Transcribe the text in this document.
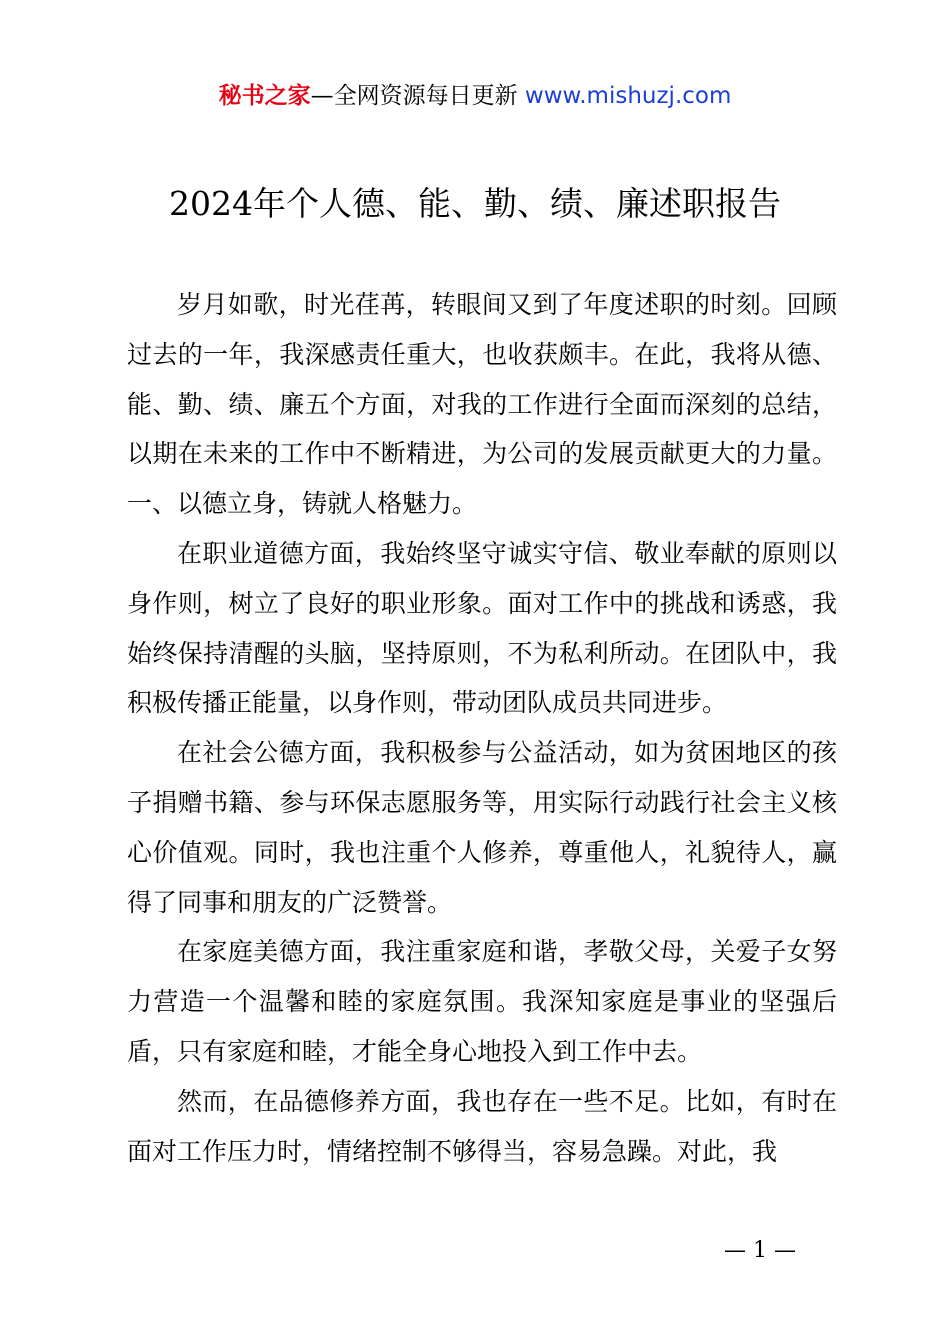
秘书之家—全网资源每日更新 www.mishuzj.com
2024年个人德、能、勤、绩、廉述职报告

岁月如歌，时光荏苒，转眼间又到了年度述职的时刻。回顾过去的一年，我深感责任重大，也收获颇丰。在此，我将从德、能、勤、绩、廉五个方面，对我的工作进行全面而深刻的总结，以期在未来的工作中不断精进，为公司的发展贡献更大的力量。一、以德立身，铸就人格魅力。

在职业道德方面，我始终坚守诚实守信、敬业奉献的原则以身作则，树立了良好的职业形象。面对工作中的挑战和诱惑，我始终保持清醒的头脑，坚持原则，不为私利所动。在团队中，我积极传播正能量，以身作则，带动团队成员共同进步。

在社会公德方面，我积极参与公益活动，如为贫困地区的孩子捐赠书籍、参与环保志愿服务等，用实际行动践行社会主义核心价值观。同时，我也注重个人修养，尊重他人，礼貌待人，赢得了同事和朋友的广泛赞誉。

在家庭美德方面，我注重家庭和谐，孝敬父母，关爱子女努力营造一个温馨和睦的家庭氛围。我深知家庭是事业的坚强后盾，只有家庭和睦，才能全身心地投入到工作中去。

然而，在品德修养方面，我也存在一些不足。比如，有时在面对工作压力时，情绪控制不够得当，容易急躁。对此，我

— 1 —
